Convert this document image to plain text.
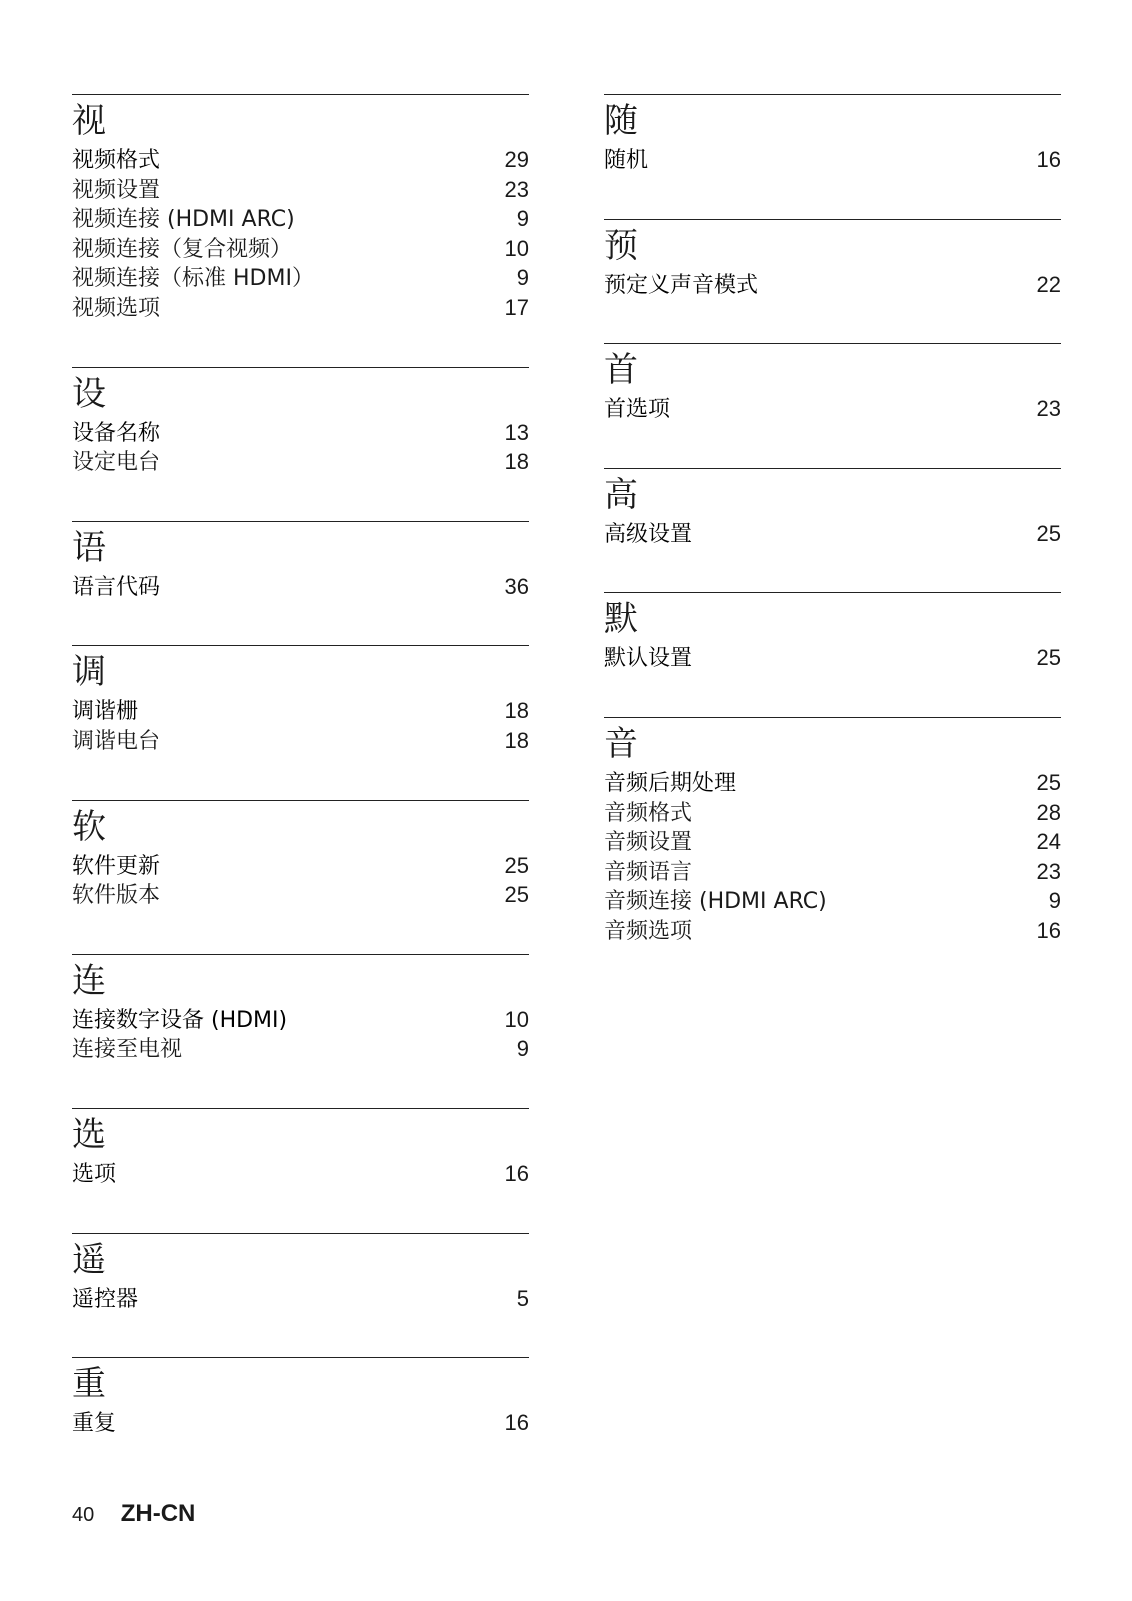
视
视频格式	29
视频设置	23
视频连接 (HDMI ARC)	9
视频连接（复合视频）	10
视频连接（标准 HDMI）	9
视频选项	17
设
设备名称	13
设定电台	18
语
语言代码	36
调
调谐栅	18
调谐电台	18
软
软件更新	25
软件版本	25
连
连接数字设备 (HDMI)	10
连接至电视	9
选
选项	16
遥
遥控器	5
重
重复	16
随
随机	16
预
预定义声音模式	22
首
首选项	23
高
高级设置	25
默
默认设置	25
音
音频后期处理	25
音频格式	28
音频设置	24
音频语言	23
音频连接 (HDMI ARC)	9
音频选项	16
40 ZH-CN
